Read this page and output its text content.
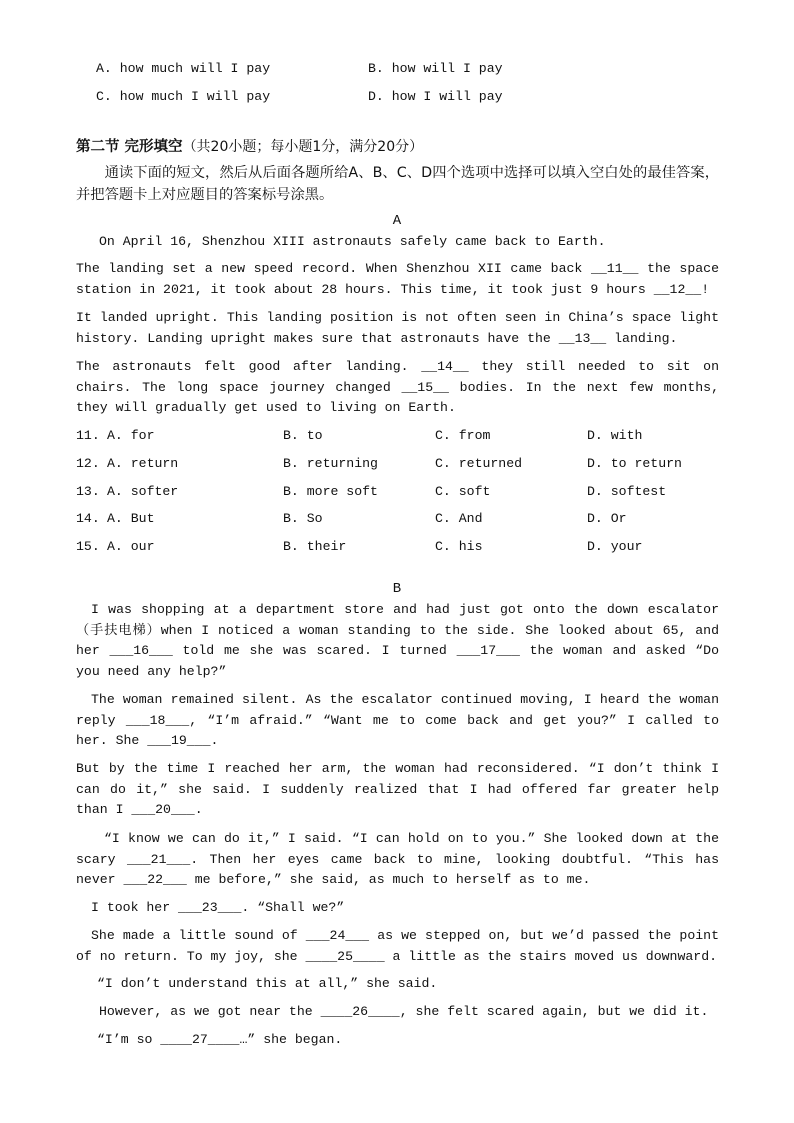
A. how much will I pay	B. how will I pay
C. how much I will pay	D. how I will pay
第二节 完形填空（共20小题；每小题1分，满分20分）
通读下面的短文，然后从后面各题所给A、B、C、D四个选项中选择可以填入空白处的最佳答案，并把答题卡上对应题目的答案标号涂黑。
A
On April 16, Shenzhou XIII astronauts safely came back to Earth.
The landing set a new speed record. When Shenzhou XII came back __11__ the space station in 2021, it took about 28 hours. This time, it took just 9 hours __12__!
It landed upright. This landing position is not often seen in China’s space light history. Landing upright makes sure that astronauts have the __13__ landing.
The astronauts felt good after landing. __14__ they still needed to sit on chairs. The long space journey changed __15__ bodies. In the next few months, they will gradually get used to living on Earth.
11. A. for	B. to	C. from	D. with
12. A. return	B. returning	C. returned	D. to return
13. A. softer	B. more soft	C. soft	D. softest
14. A. But	B. So	C. And	D. Or
15. A. our	B. their	C. his	D. your
B
I was shopping at a department store and had just got onto the down escalator（手扶电梯）when I noticed a woman standing to the side. She looked about 65, and her ___16___ told me she was scared. I turned ___17___ the woman and asked “Do you need any help?”
The woman remained silent. As the escalator continued moving, I heard the woman reply ___18___, “I’m afraid.” “Want me to come back and get you?” I called to her. She ___19___.
But by the time I reached her arm, the woman had reconsidered. “I don’t think I can do it,” she said. I suddenly realized that I had offered far greater help than I ___20___.
“I know we can do it,” I said. “I can hold on to you.” She looked down at the scary ___21___. Then her eyes came back to mine, looking doubtful. “This has never ___22___ me before,” she said, as much to herself as to me.
I took her ___23___. “Shall we?”
She made a little sound of ___24___ as we stepped on, but we’d passed the point of no return. To my joy, she ____25____ a little as the stairs moved us downward.
“I don’t understand this at all,” she said.
However, as we got near the ____26____, she felt scared again, but we did it.
“I’m so ____27____…” she began.
